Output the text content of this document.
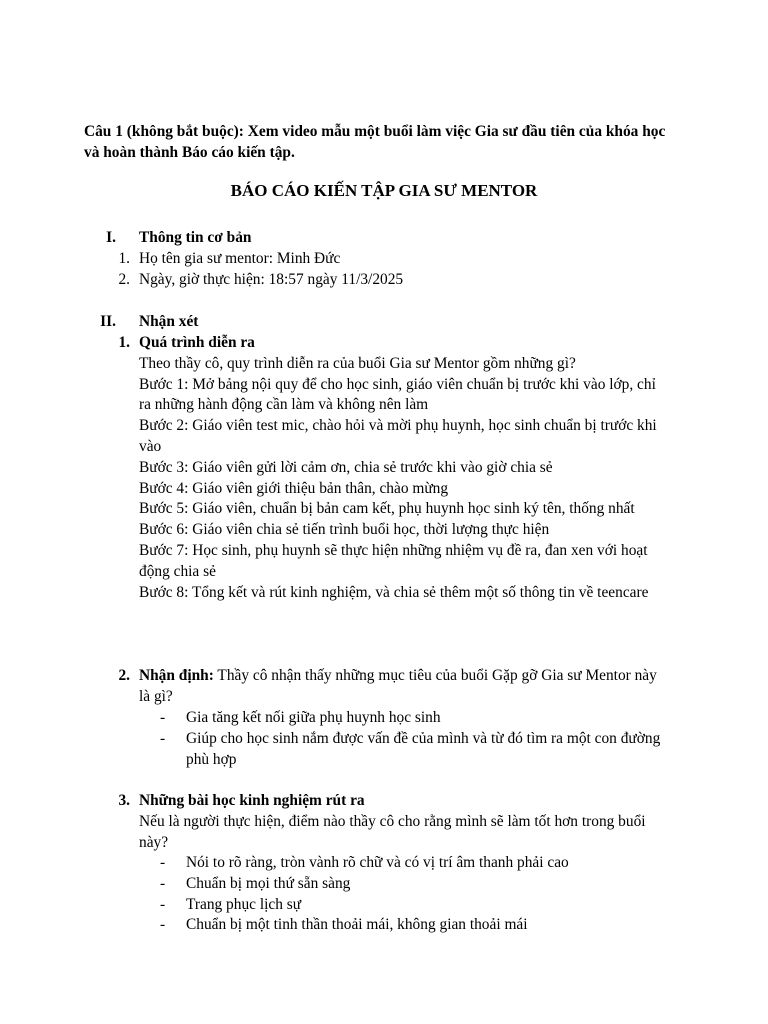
Câu 1 (không bắt buộc): Xem video mẫu một buổi làm việc Gia sư đầu tiên của khóa học và hoàn thành Báo cáo kiến tập.
BÁO CÁO KIẾN TẬP GIA SƯ MENTOR
I. Thông tin cơ bản
1. Họ tên gia sư mentor: Minh Đức
2. Ngày, giờ thực hiện: 18:57 ngày 11/3/2025
II. Nhận xét
1. Quá trình diễn ra
Theo thầy cô, quy trình diễn ra của buổi Gia sư Mentor gồm những gì?
Bước 1: Mở bảng nội quy để cho học sinh, giáo viên chuẩn bị trước khi vào lớp, chỉ ra những hành động cần làm và không nên làm
Bước 2: Giáo viên test mic, chào hỏi và mời phụ huynh, học sinh chuẩn bị trước khi vào
Bước 3: Giáo viên gửi lời cảm ơn, chia sẻ trước khi vào giờ chia sẻ
Bước 4: Giáo viên giới thiệu bản thân, chào mừng
Bước 5: Giáo viên, chuẩn bị bản cam kết, phụ huynh học sinh ký tên, thống nhất
Bước 6: Giáo viên chia sẻ tiến trình buổi học, thời lượng thực hiện
Bước 7: Học sinh, phụ huynh sẽ thực hiện những nhiệm vụ đề ra, đan xen với hoạt động chia sẻ
Bước 8: Tổng kết và rút kinh nghiệm, và chia sẻ thêm một số thông tin về teencare
2. Nhận định: Thầy cô nhận thấy những mục tiêu của buổi Gặp gỡ Gia sư Mentor này là gì?
- Gia tăng kết nối giữa phụ huynh học sinh
- Giúp cho học sinh nắm được vấn đề của mình và từ đó tìm ra một con đường phù hợp
3. Những bài học kinh nghiệm rút ra
Nếu là người thực hiện, điểm nào thầy cô cho rằng mình sẽ làm tốt hơn trong buổi này?
- Nói to rõ ràng, tròn vành rõ chữ và có vị trí âm thanh phải cao
- Chuẩn bị mọi thứ sẵn sàng
- Trang phục lịch sự
- Chuẩn bị một tinh thần thoải mái, không gian thoải mái
